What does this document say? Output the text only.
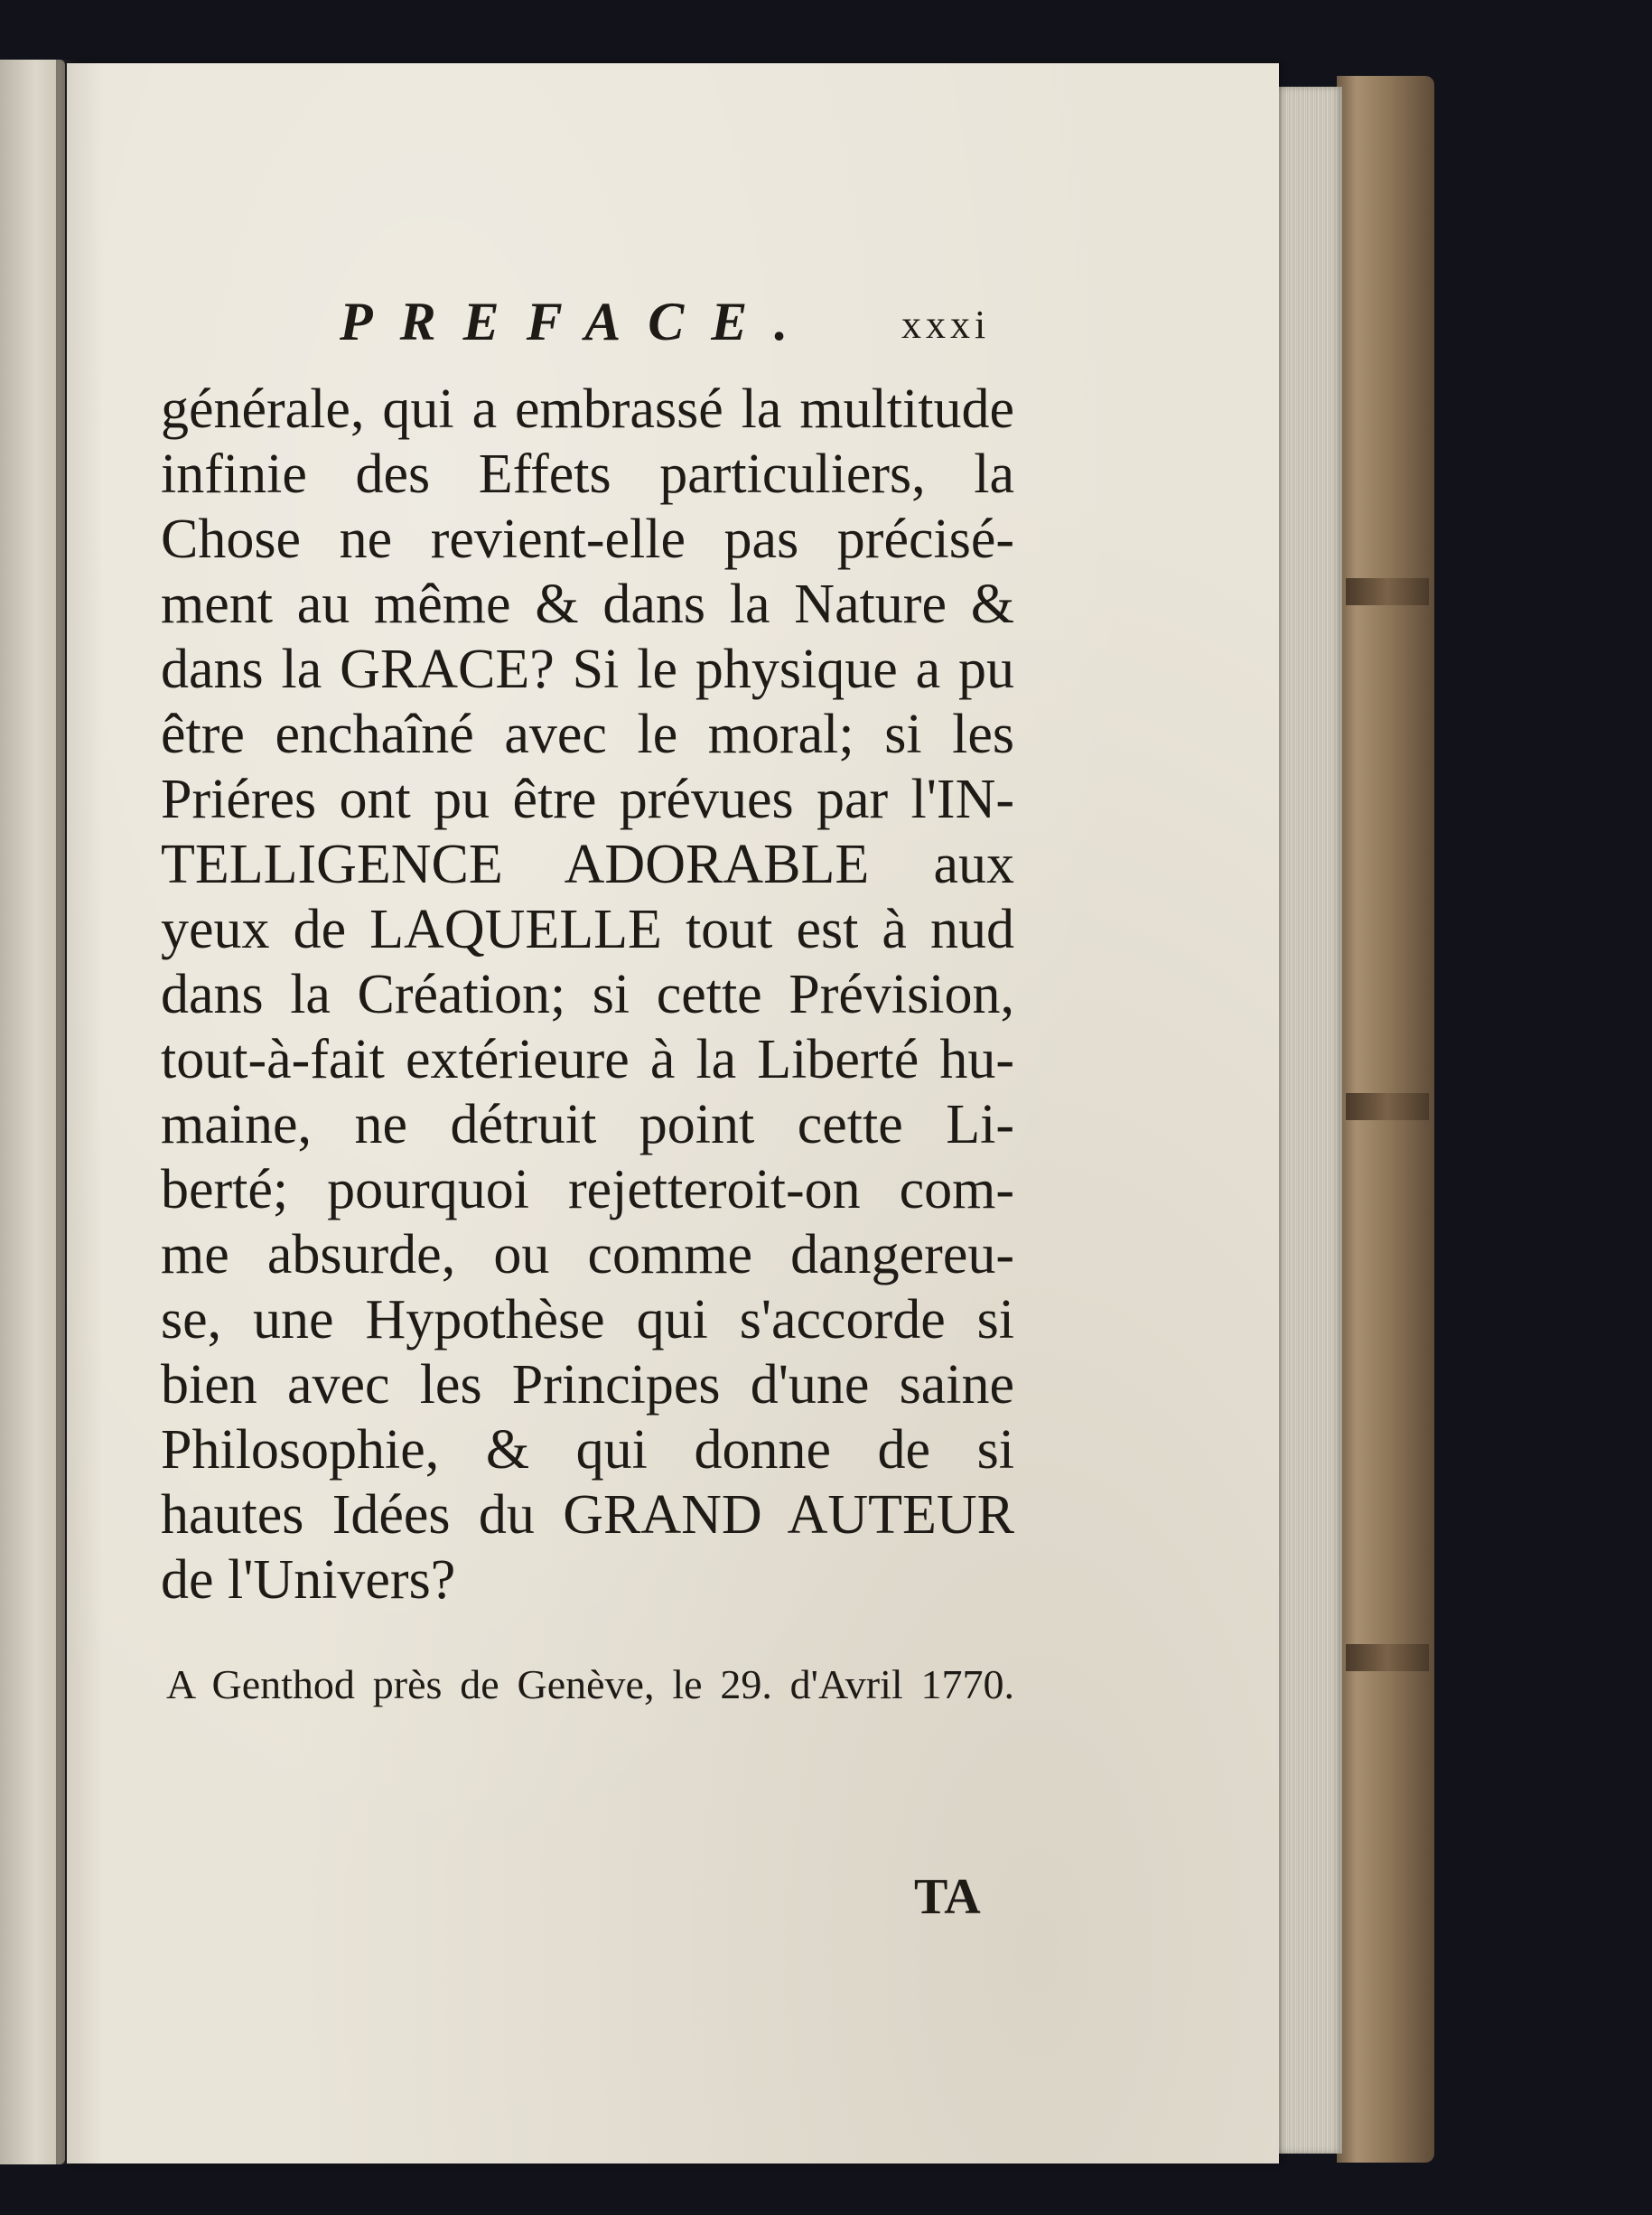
PREFACE. xxxi

générale, qui a embrassé la multitude

infinie des Effets particuliers, la

Chose ne revient-elle pas précisé-

ment au même & dans la Nature &

dans la GRACE? Si le physique a pu

être enchaîné avec le moral; si les

Priéres ont pu être prévues par l'IN-

TELLIGENCE ADORABLE aux

yeux de LAQUELLE tout est à nud

dans la Création; si cette Prévision,

tout-à-fait extérieure à la Liberté hu-

maine, ne détruit point cette Li-

berté; pourquoi rejetteroit-on com-

me absurde, ou comme dangereu-

se, une Hypothèse qui s'accorde si

bien avec les Principes d'une saine

Philosophie, & qui donne de si

hautes Idées du GRAND AUTEUR

de l'Univers?

A Genthod près de Genève, le 29. d'Avril 1770.

TA
